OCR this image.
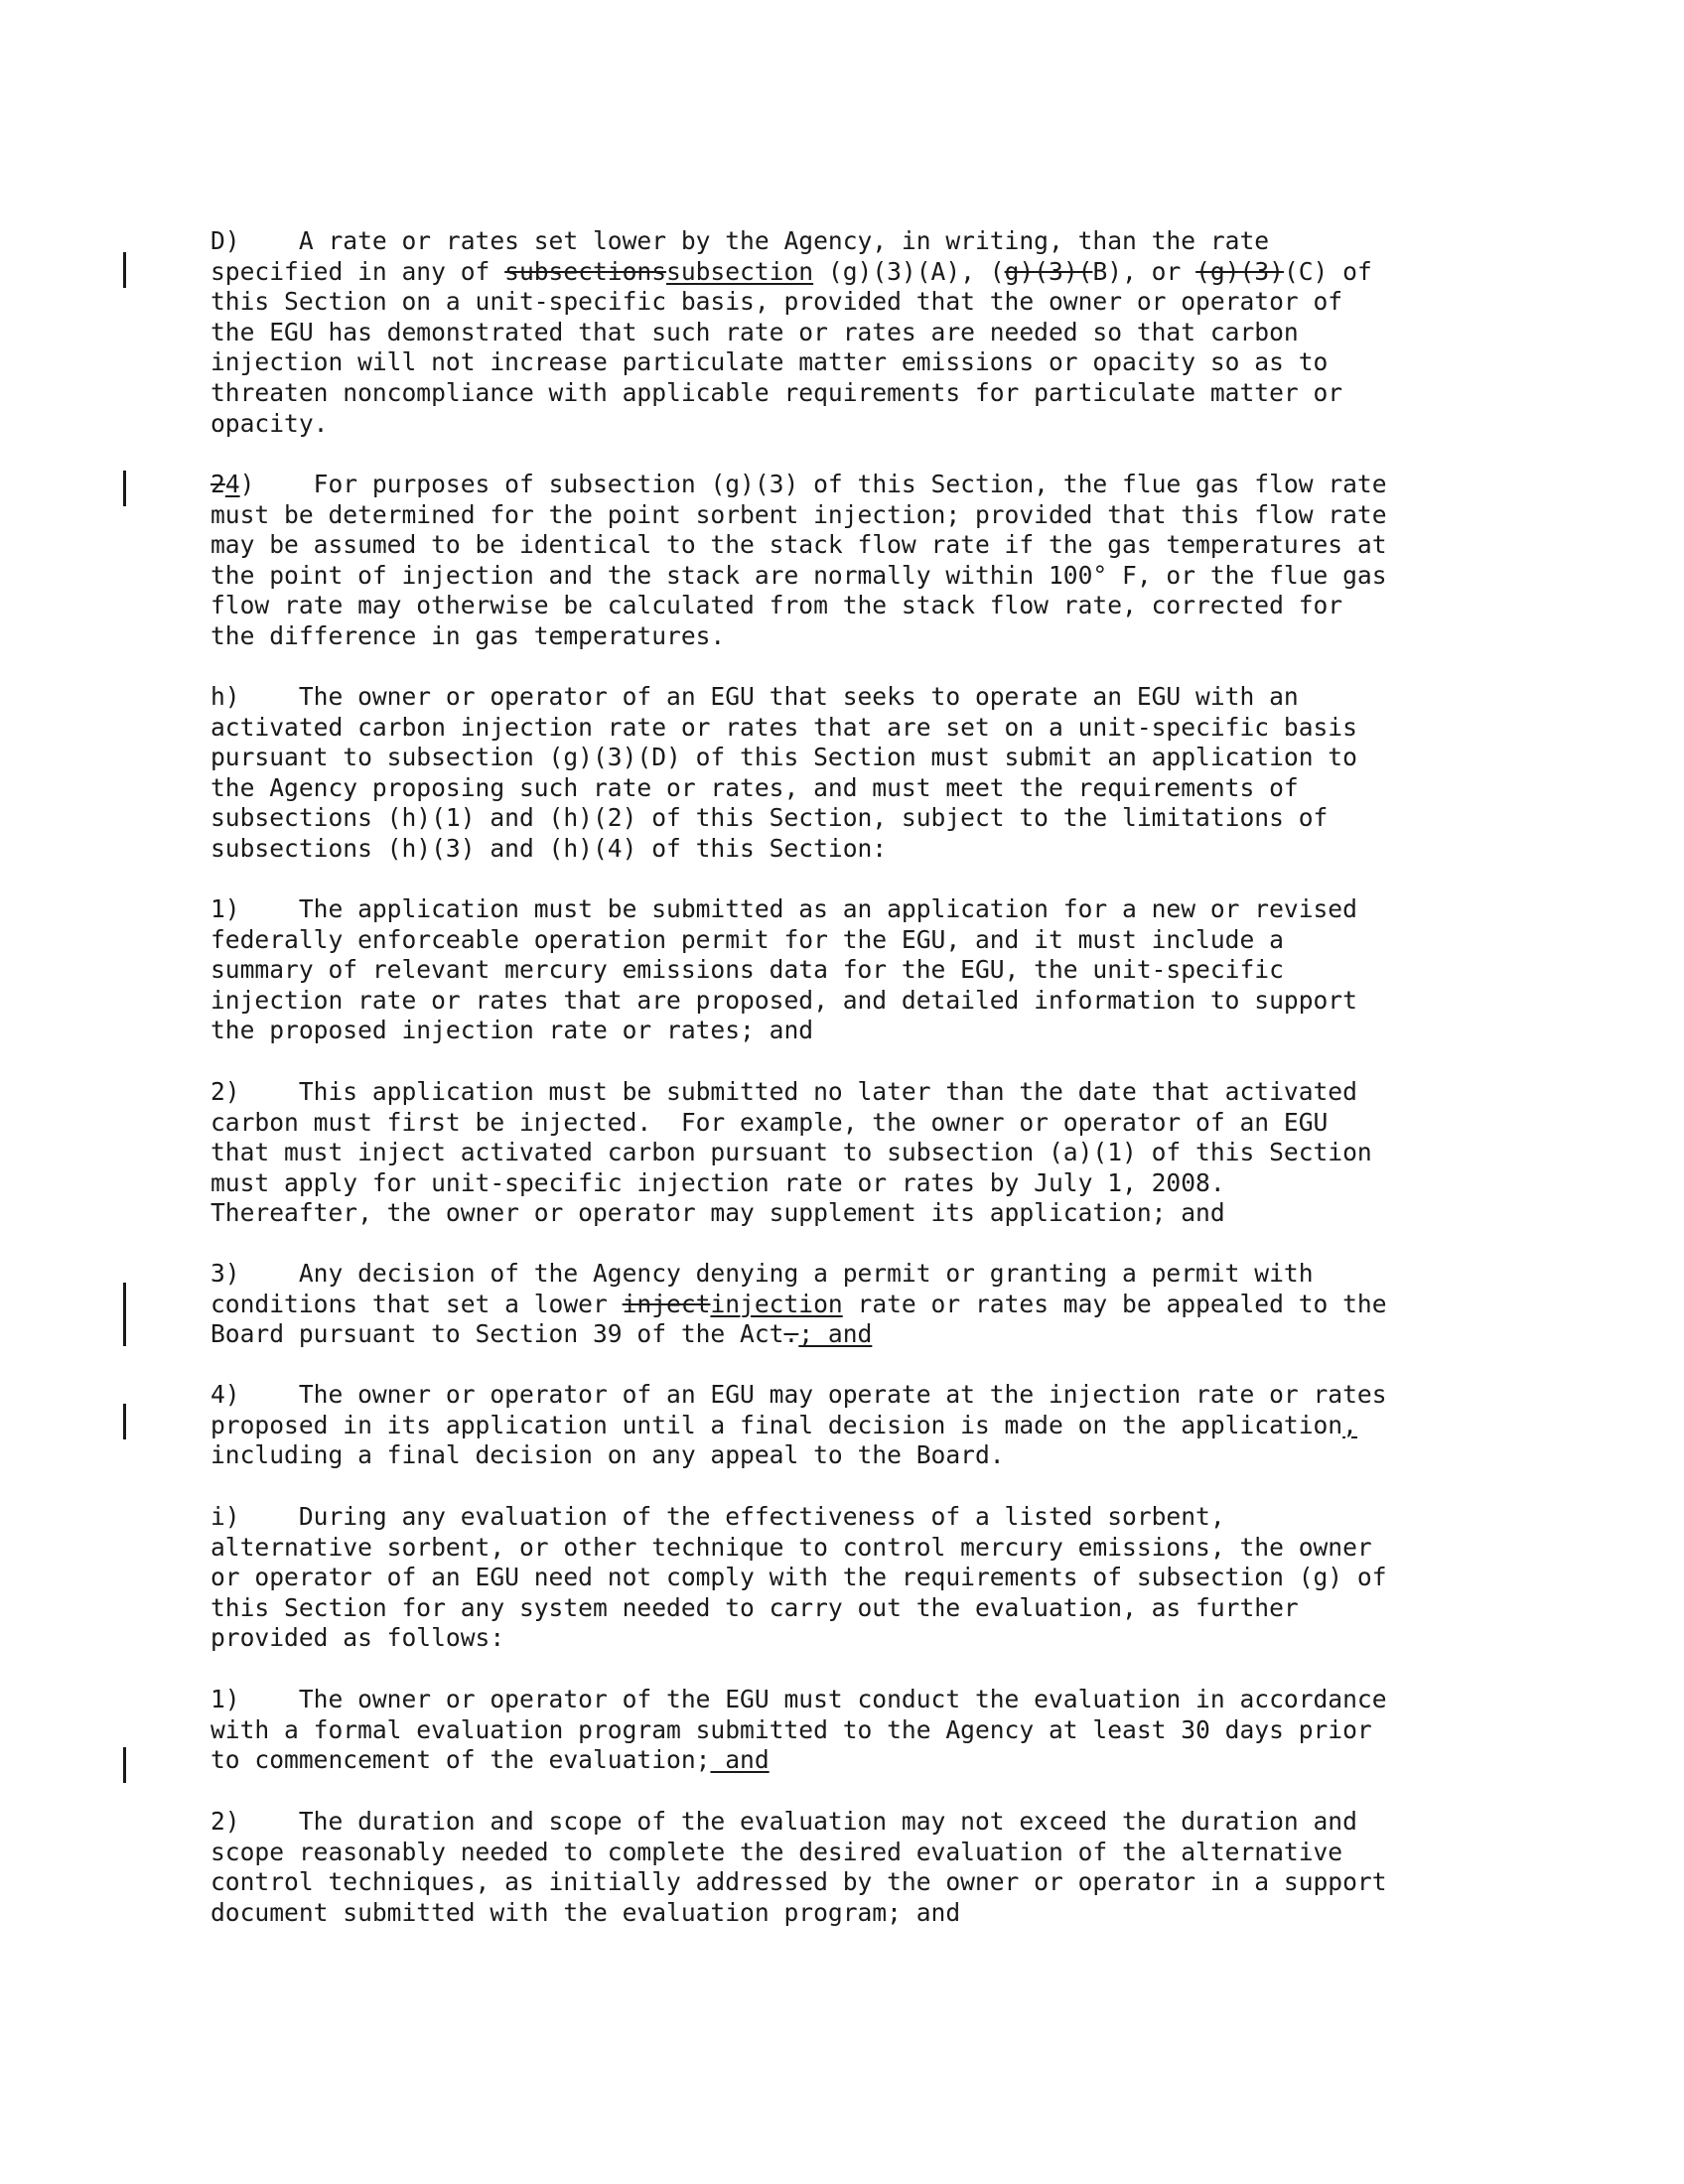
D)    A rate or rates set lower by the Agency, in writing, than the rate
specified in any of subsectionssubsection (g)(3)(A), (g)(3)(B), or (g)(3)(C) of
this Section on a unit-specific basis, provided that the owner or operator of
the EGU has demonstrated that such rate or rates are needed so that carbon
injection will not increase particulate matter emissions or opacity so as to
threaten noncompliance with applicable requirements for particulate matter or
opacity.
24)    For purposes of subsection (g)(3) of this Section, the flue gas flow rate
must be determined for the point sorbent injection; provided that this flow rate
may be assumed to be identical to the stack flow rate if the gas temperatures at
the point of injection and the stack are normally within 100° F, or the flue gas
flow rate may otherwise be calculated from the stack flow rate, corrected for
the difference in gas temperatures.
h)    The owner or operator of an EGU that seeks to operate an EGU with an
activated carbon injection rate or rates that are set on a unit-specific basis
pursuant to subsection (g)(3)(D) of this Section must submit an application to
the Agency proposing such rate or rates, and must meet the requirements of
subsections (h)(1) and (h)(2) of this Section, subject to the limitations of
subsections (h)(3) and (h)(4) of this Section:
1)    The application must be submitted as an application for a new or revised
federally enforceable operation permit for the EGU, and it must include a
summary of relevant mercury emissions data for the EGU, the unit-specific
injection rate or rates that are proposed, and detailed information to support
the proposed injection rate or rates; and
2)    This application must be submitted no later than the date that activated
carbon must first be injected.  For example, the owner or operator of an EGU
that must inject activated carbon pursuant to subsection (a)(1) of this Section
must apply for unit-specific injection rate or rates by July 1, 2008.
Thereafter, the owner or operator may supplement its application; and
3)    Any decision of the Agency denying a permit or granting a permit with
conditions that set a lower injectinjection rate or rates may be appealed to the
Board pursuant to Section 39 of the Act.; and
4)    The owner or operator of an EGU may operate at the injection rate or rates
proposed in its application until a final decision is made on the application,
including a final decision on any appeal to the Board.
i)    During any evaluation of the effectiveness of a listed sorbent,
alternative sorbent, or other technique to control mercury emissions, the owner
or operator of an EGU need not comply with the requirements of subsection (g) of
this Section for any system needed to carry out the evaluation, as further
provided as follows:
1)    The owner or operator of the EGU must conduct the evaluation in accordance
with a formal evaluation program submitted to the Agency at least 30 days prior
to commencement of the evaluation; and
2)    The duration and scope of the evaluation may not exceed the duration and
scope reasonably needed to complete the desired evaluation of the alternative
control techniques, as initially addressed by the owner or operator in a support
document submitted with the evaluation program; and
